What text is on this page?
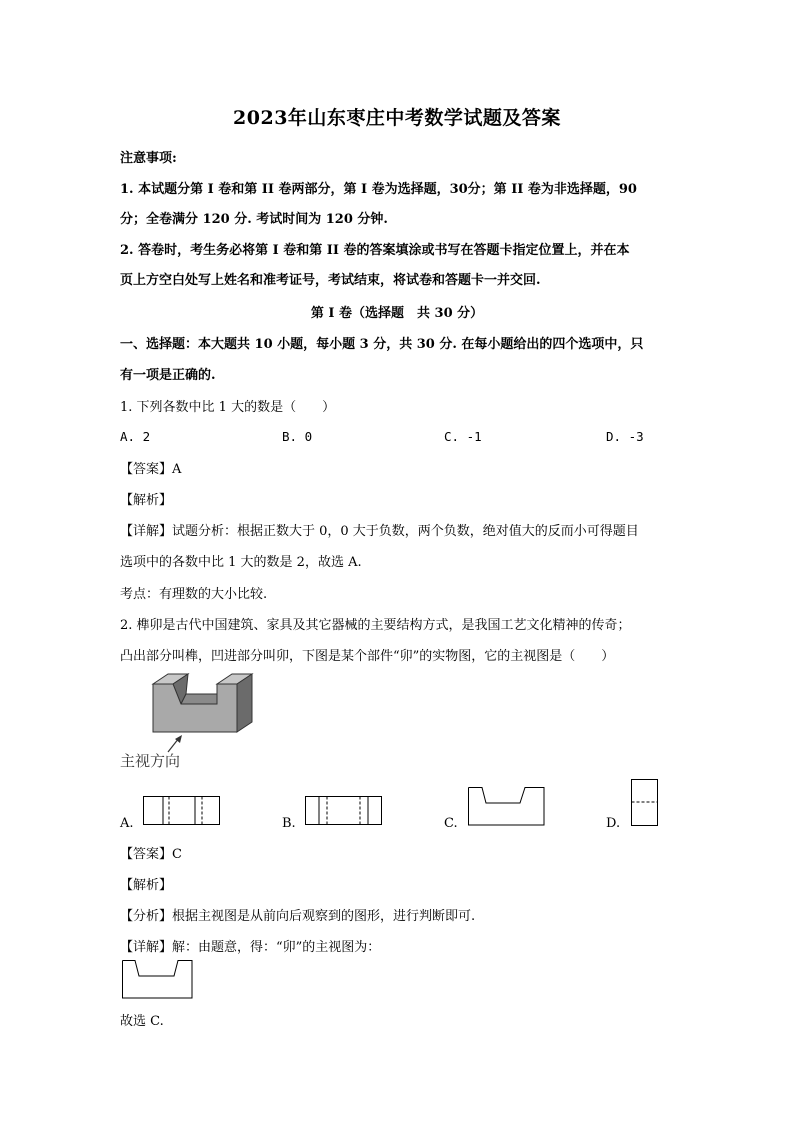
2023年山东枣庄中考数学试题及答案
注意事项:
1. 本试题分第 I 卷和第 II 卷两部分，第 I 卷为选择题，30分；第 II 卷为非选择题，90
分；全卷满分 120 分. 考试时间为 120 分钟.
2. 答卷时，考生务必将第 I 卷和第 II 卷的答案填涂或书写在答题卡指定位置上，并在本
页上方空白处写上姓名和准考证号，考试结束，将试卷和答题卡一并交回.
第 I 卷（选择题　共 30 分）
一、选择题：本大题共 10 小题，每小题 3 分，共 30 分. 在每小题给出的四个选项中，只
有一项是正确的.
1. 下列各数中比 1 大的数是（　　）
A. 2	B. 0	C. -1	D. -3
【答案】A
【解析】
【详解】试题分析：根据正数大于 0，0 大于负数，两个负数，绝对值大的反而小可得题目
选项中的各数中比 1 大的数是 2，故选 A.
考点：有理数的大小比较.
2. 榫卯是古代中国建筑、家具及其它器械的主要结构方式，是我国工艺文化精神的传奇；
凸出部分叫榫，凹进部分叫卯，下图是某个部件“卯”的实物图，它的主视图是（　　）
主视方向
A.	B.	C.	D.
【答案】C
【解析】
【分析】根据主视图是从前向后观察到的图形，进行判断即可.
【详解】解：由题意，得：“卯”的主视图为：
故选 C.
